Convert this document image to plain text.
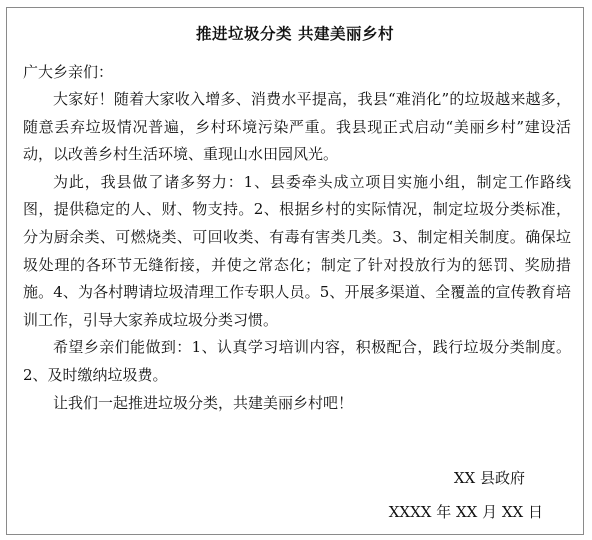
推进垃圾分类 共建美丽乡村
广大乡亲们：

大家好！随着大家收入增多、消费水平提高，我县“难消化”的垃圾越来越多，随意丢弃垃圾情况普遍，乡村环境污染严重。我县现正式启动“美丽乡村”建设活动，以改善乡村生活环境、重现山水田园风光。

为此，我县做了诸多努力：1、县委牵头成立项目实施小组，制定工作路线图，提供稳定的人、财、物支持。2、根据乡村的实际情况，制定垃圾分类标准，分为厨余类、可燃烧类、可回收类、有毒有害类几类。3、制定相关制度。确保垃圾处理的各环节无缝衔接，并使之常态化；制定了针对投放行为的惩罚、奖励措施。4、为各村聘请垃圾清理工作专职人员。5、开展多渠道、全覆盖的宣传教育培训工作，引导大家养成垃圾分类习惯。

希望乡亲们能做到：1、认真学习培训内容，积极配合，践行垃圾分类制度。2、及时缴纳垃圾费。

让我们一起推进垃圾分类，共建美丽乡村吧！

XX 县政府
XXXX 年 XX 月 XX 日
